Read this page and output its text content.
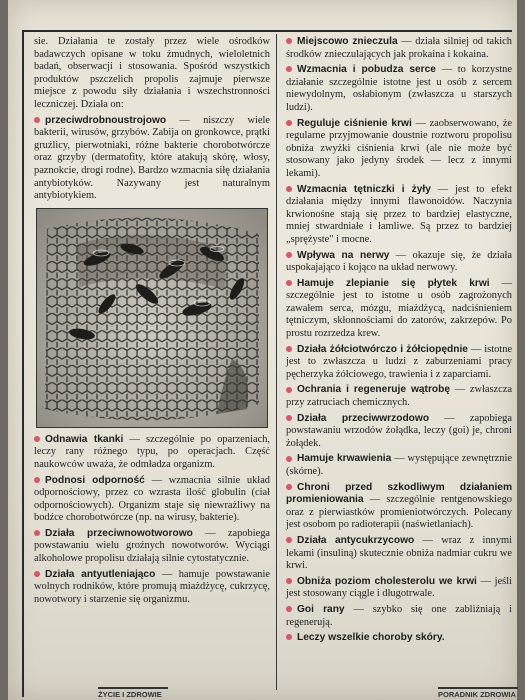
sie. Działania te zostały przez wiele ośrodków badawczych opisane w toku żmudnych, wieloletnich badań, obserwacji i stosowania. Spośród wszystkich produktów pszczelich propolis zajmuje pierwsze miejsce z powodu siły działania i wszechstronności leczniczej. Działa on:

przeciwdrobnoustrojowo — niszczy wiele bakterii, wirusów, grzybów. Zabija on gronkowce, prątki gruźlicy, pierwotniaki, różne bakterie chorobotwórcze oraz grzyby (dermatofity, które atakują skórę, włosy, paznokcie, drogi rodne). Bardzo wzmacnia siłę działania antybiotyków. Nazywany jest naturalnym antybiotykiem.
Odnawia tkanki — szczególnie po oparzeniach, leczy rany różnego typu, po operacjach. Część naukowców uważa, że odmładza organizm.
Podnosi odporność — wzmacnia silnie układ odpornościowy, przez co wzrasta ilość globulin (ciał odpornościowych). Organizm staje się niewrażliwy na bodźce chorobotwórcze (np. na wirusy, bakterie).
Działa przeciwnowotworowo — zapobiega powstawaniu wielu groźnych nowotworów. Wyciągi alkoholowe propolisu działają silnie cytostatycznie.
Działa antyutleniająco — hamuje powstawanie wolnych rodników, które promują miażdżycę, cukrzycę, nowotwory i starzenie się organizmu.
Miejscowo znieczula — działa silniej od takich środków znieczulających jak prokaina i kokaina.
Wzmacnia i pobudza serce — to korzystne działanie szczególnie istotne jest u osób z sercem niewydolnym, osłabionym (zwłaszcza u starszych ludzi).
Reguluje ciśnienie krwi — zaobserwowano, że regularne przyjmowanie doustnie roztworu propolisu obniża zwyżki ciśnienia krwi (ale nie może być stosowany jako jedyny środek — lecz z innymi lekami).
Wzmacnia tętniczki i żyły — jest to efekt działania między innymi flawonoidów. Naczynia krwionośne stają się przez to bardziej elastyczne, mniej stwardniałe i łamliwe. Są przez to bardziej „sprężyste" i mocne.
Wpływa na nerwy — okazuje się, że działa uspokajająco i kojąco na układ nerwowy.
Hamuje zlepianie się płytek krwi — szczególnie jest to istotne u osób zagrożonych zawałem serca, mózgu, miażdżycą, nadciśnieniem tętniczym, skłonnościami do zatorów, zakrzepów. Po prostu rozrzedza krew.
Działa żółciotwórczo i żółciopędnie — istotne jest to zwłaszcza u ludzi z zaburzeniami pracy pęcherzyka żółciowego, trawienia i z zaparciami.
Ochrania i regeneruje wątrobę — zwłaszcza przy zatruciach chemicznych.
Działa przeciwwrzodowo — zapobiega powstawaniu wrzodów żołądka, leczy (goi) je, chroni żołądek.
Hamuje krwawienia — występujące zewnętrznie (skórne).
Chroni przed szkodliwym działaniem promieniowania — szczególnie rentgenowskiego oraz z pierwiastków promieniotwórczych. Polecany jest osobom po radioterapii (naświetlaniach).
Działa antycukrzycowo — wraz z innymi lekami (insuliną) skutecznie obniża nadmiar cukru we krwi.
Obniża poziom cholesterolu we krwi — jeśli jest stosowany ciągle i długotrwale.
Goi rany — szybko się one zabliźniają i regenerują.
Leczy wszelkie choroby skóry.
ŻYCIE I ZDROWIE	PORADNIK ZDROWIA
